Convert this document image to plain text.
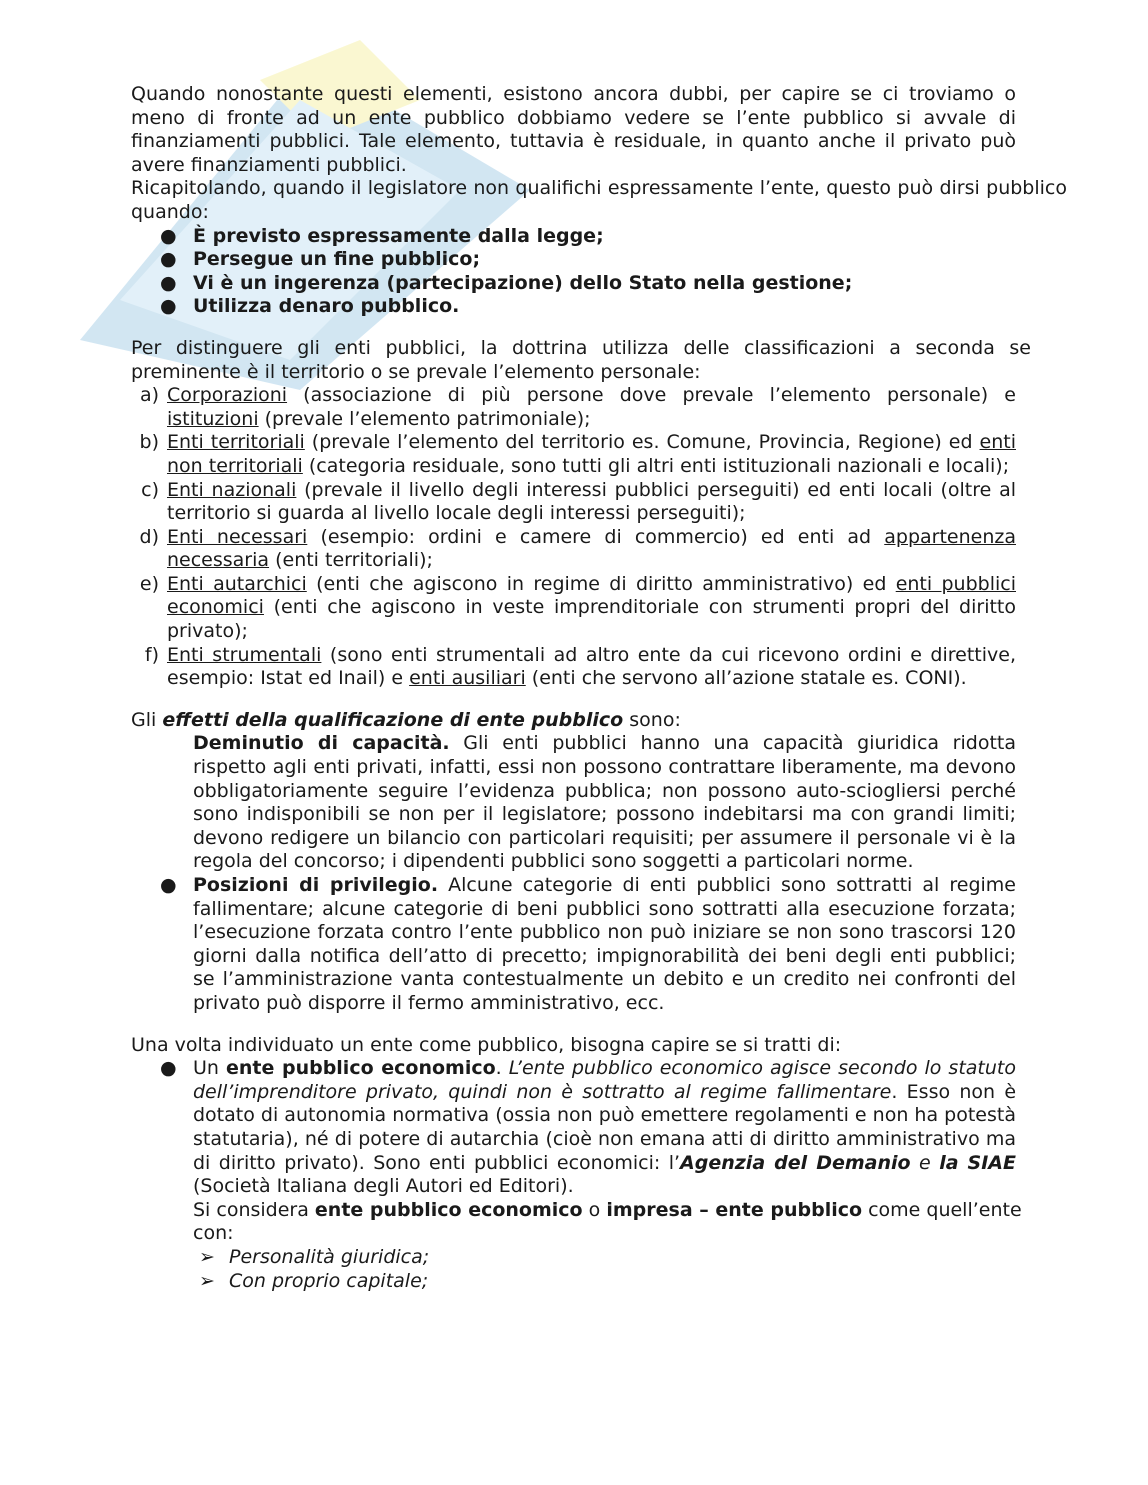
Quando nonostante questi elementi, esistono ancora dubbi, per capire se ci troviamo o meno di fronte ad un ente pubblico dobbiamo vedere se l’ente pubblico si avvale di finanziamenti pubblici. Tale elemento, tuttavia è residuale, in quanto anche il privato può avere finanziamenti pubblici.

Ricapitolando, quando il legislatore non qualifichi espressamente l’ente, questo può dirsi pubblico quando:

● È previsto espressamente dalla legge;
● Persegue un fine pubblico;
● Vi è un ingerenza (partecipazione) dello Stato nella gestione;
● Utilizza denaro pubblico.

Per distinguere gli enti pubblici, la dottrina utilizza delle classificazioni a seconda se preminente è il territorio o se prevale l’elemento personale:

a) Corporazioni (associazione di più persone dove prevale l’elemento personale) e istituzioni (prevale l’elemento patrimoniale);
b) Enti territoriali (prevale l’elemento del territorio es. Comune, Provincia, Regione) ed enti non territoriali (categoria residuale, sono tutti gli altri enti istituzionali nazionali e locali);
c) Enti nazionali (prevale il livello degli interessi pubblici perseguiti) ed enti locali (oltre al territorio si guarda al livello locale degli interessi perseguiti);
d) Enti necessari (esempio: ordini e camere di commercio) ed enti ad appartenenza necessaria (enti territoriali);
e) Enti autarchici (enti che agiscono in regime di diritto amministrativo) ed enti pubblici economici (enti che agiscono in veste imprenditoriale con strumenti propri del diritto privato);
f) Enti strumentali (sono enti strumentali ad altro ente da cui ricevono ordini e direttive, esempio: Istat ed Inail) e enti ausiliari (enti che servono all’azione statale es. CONI).

Gli effetti della qualificazione di ente pubblico sono:

Deminutio di capacità. Gli enti pubblici hanno una capacità giuridica ridotta rispetto agli enti privati, infatti, essi non possono contrattare liberamente, ma devono obbligatoriamente seguire l’evidenza pubblica; non possono auto-sciogliersi perché sono indisponibili se non per il legislatore; possono indebitarsi ma con grandi limiti; devono redigere un bilancio con particolari requisiti; per assumere il personale vi è la regola del concorso; i dipendenti pubblici sono soggetti a particolari norme.
● Posizioni di privilegio. Alcune categorie di enti pubblici sono sottratti al regime fallimentare; alcune categorie di beni pubblici sono sottratti alla esecuzione forzata; l’esecuzione forzata contro l’ente pubblico non può iniziare se non sono trascorsi 120 giorni dalla notifica dell’atto di precetto; impignorabilità dei beni degli enti pubblici; se l’amministrazione vanta contestualmente un debito e un credito nei confronti del privato può disporre il fermo amministrativo, ecc.

Una volta individuato un ente come pubblico, bisogna capire se si tratti di:

● Un ente pubblico economico. L’ente pubblico economico agisce secondo lo statuto dell’imprenditore privato, quindi non è sottratto al regime fallimentare. Esso non è dotato di autonomia normativa (ossia non può emettere regolamenti e non ha potestà statutaria), né di potere di autarchia (cioè non emana atti di diritto amministrativo ma di diritto privato). Sono enti pubblici economici: l’Agenzia del Demanio e la SIAE (Società Italiana degli Autori ed Editori).
Si considera ente pubblico economico o impresa – ente pubblico come quell’ente con:
➢ Personalità giuridica;
➢ Con proprio capitale;
